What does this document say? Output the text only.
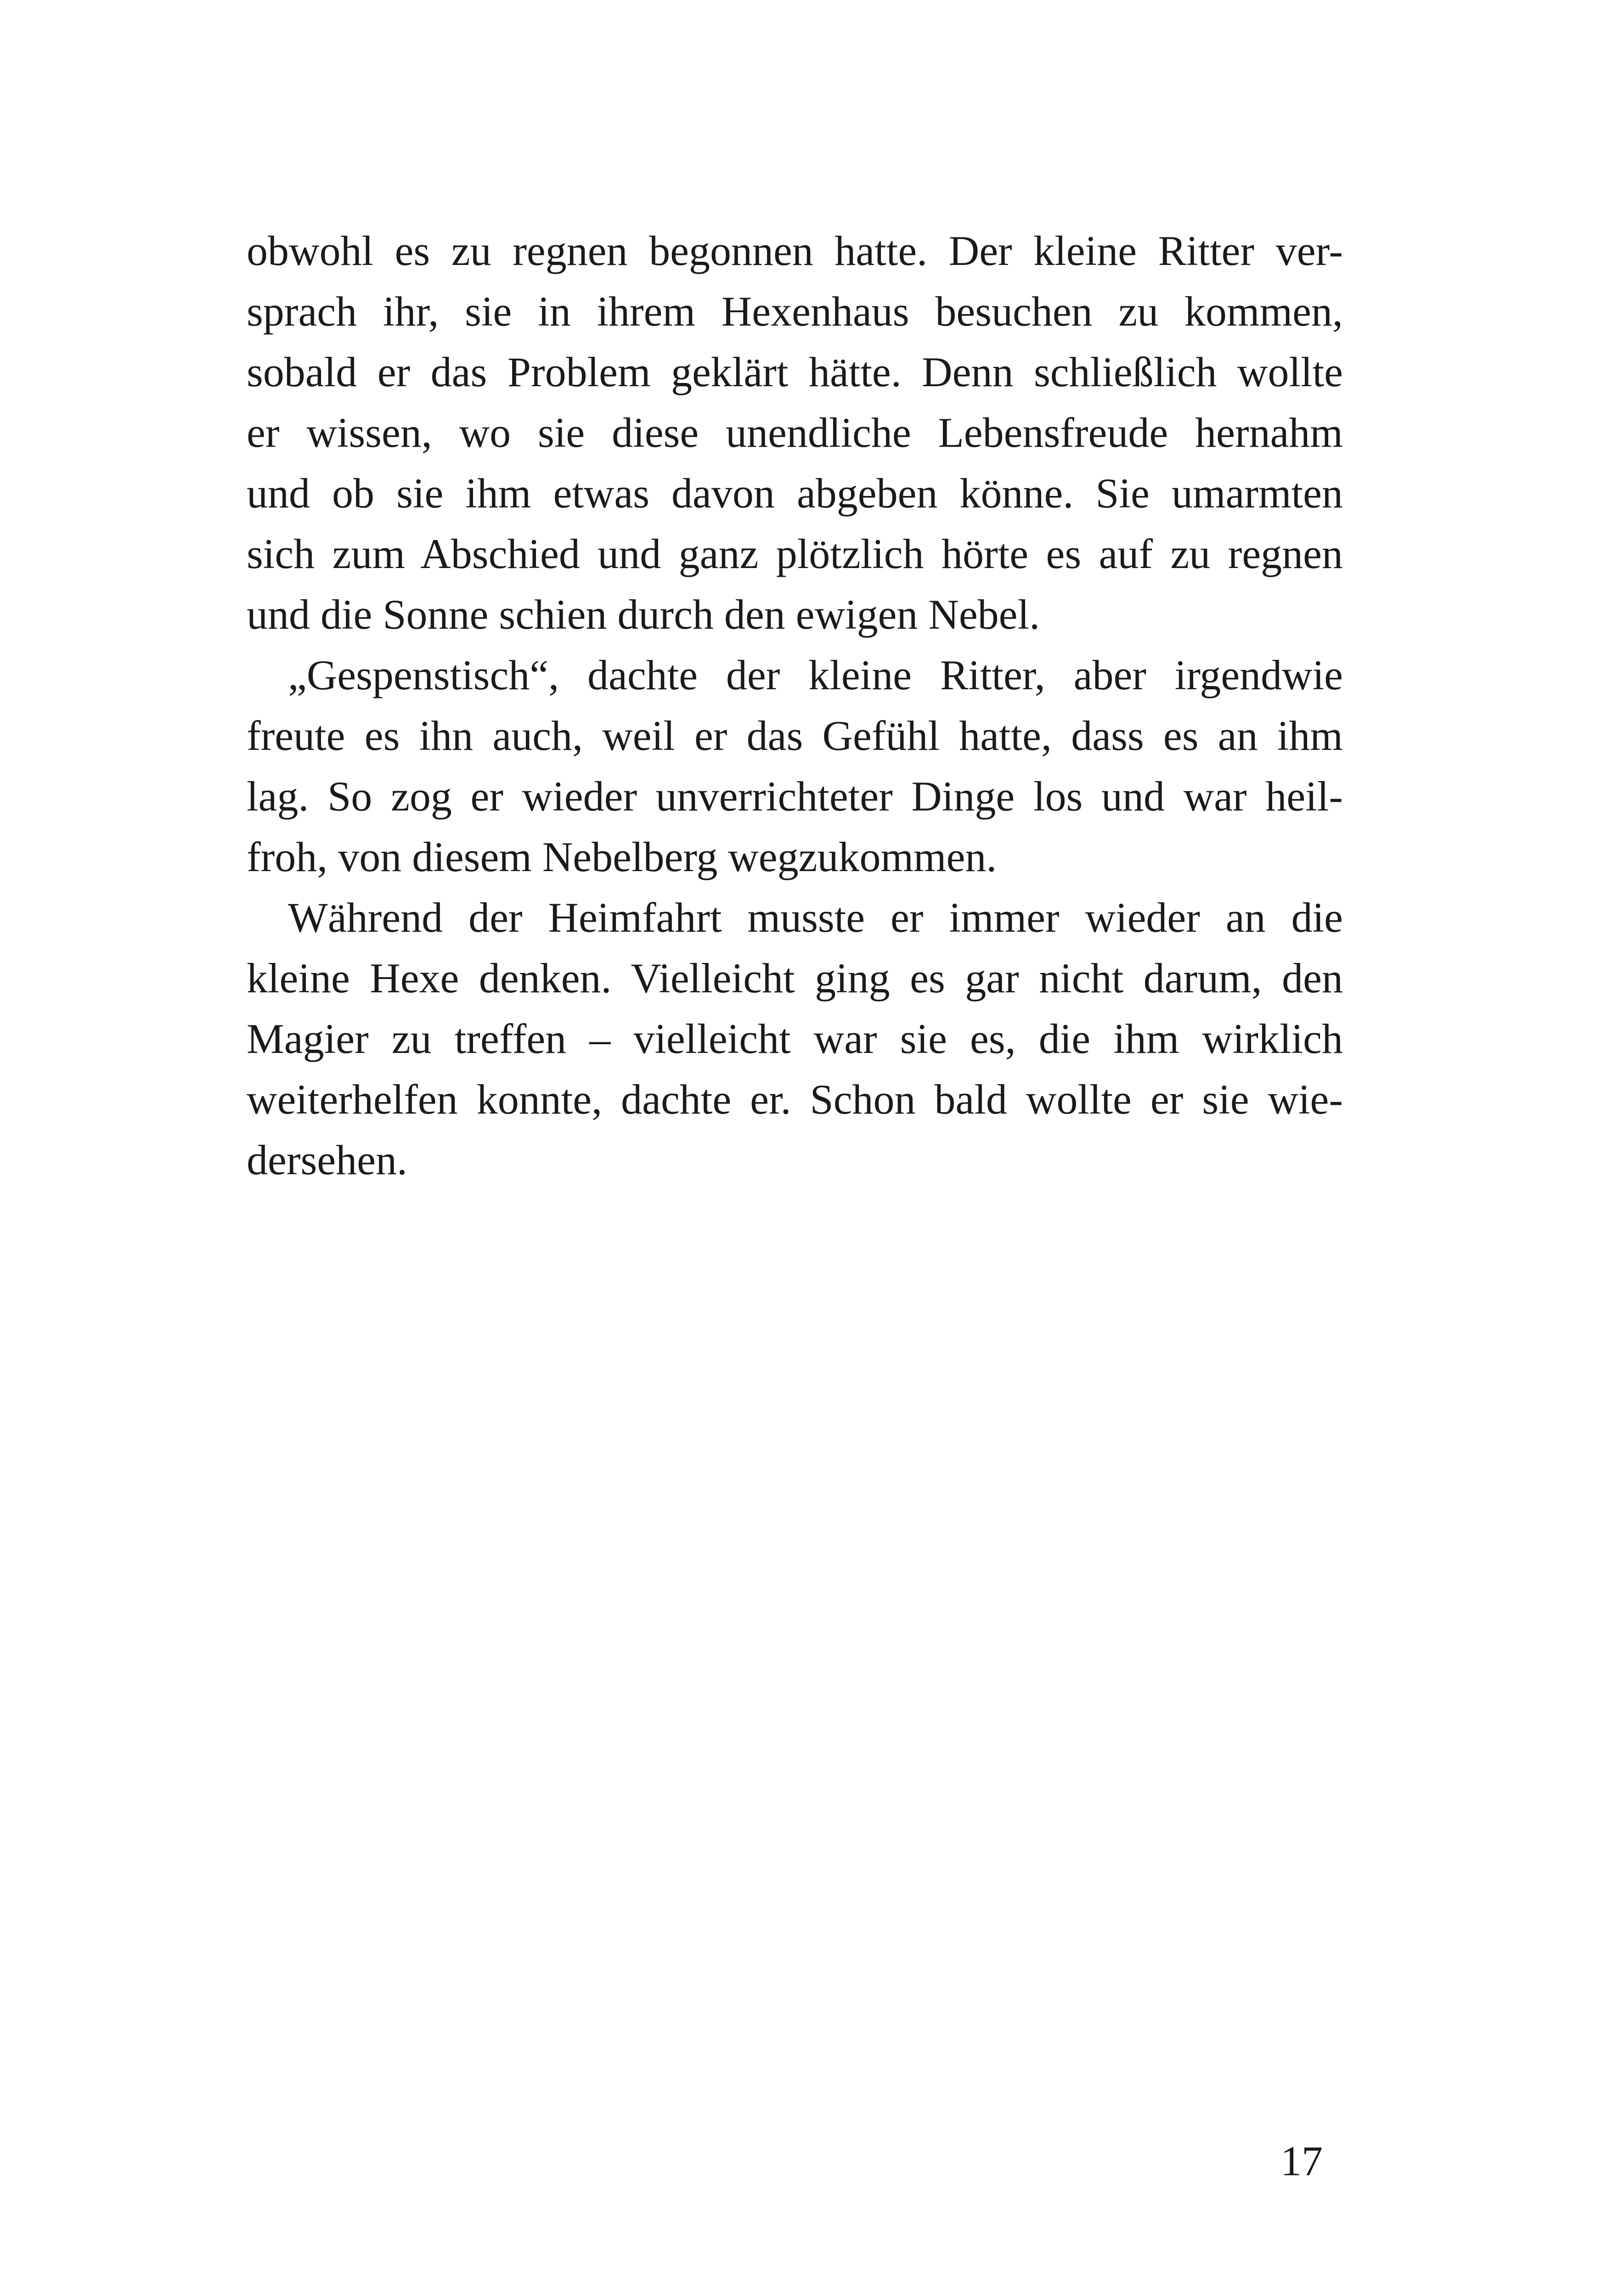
obwohl es zu regnen begonnen hatte. Der kleine Ritter ver-
sprach ihr, sie in ihrem Hexenhaus besuchen zu kommen,
sobald er das Problem geklärt hätte. Denn schließlich wollte
er wissen, wo sie diese unendliche Lebensfreude hernahm
und ob sie ihm etwas davon abgeben könne. Sie umarmten
sich zum Abschied und ganz plötzlich hörte es auf zu regnen
und die Sonne schien durch den ewigen Nebel.
„Gespenstisch“, dachte der kleine Ritter, aber irgendwie
freute es ihn auch, weil er das Gefühl hatte, dass es an ihm
lag. So zog er wieder unverrichteter Dinge los und war heil-
froh, von diesem Nebelberg wegzukommen.
Während der Heimfahrt musste er immer wieder an die
kleine Hexe denken. Vielleicht ging es gar nicht darum, den
Magier zu treffen – vielleicht war sie es, die ihm wirklich
weiterhelfen konnte, dachte er. Schon bald wollte er sie wie-
dersehen.
17
